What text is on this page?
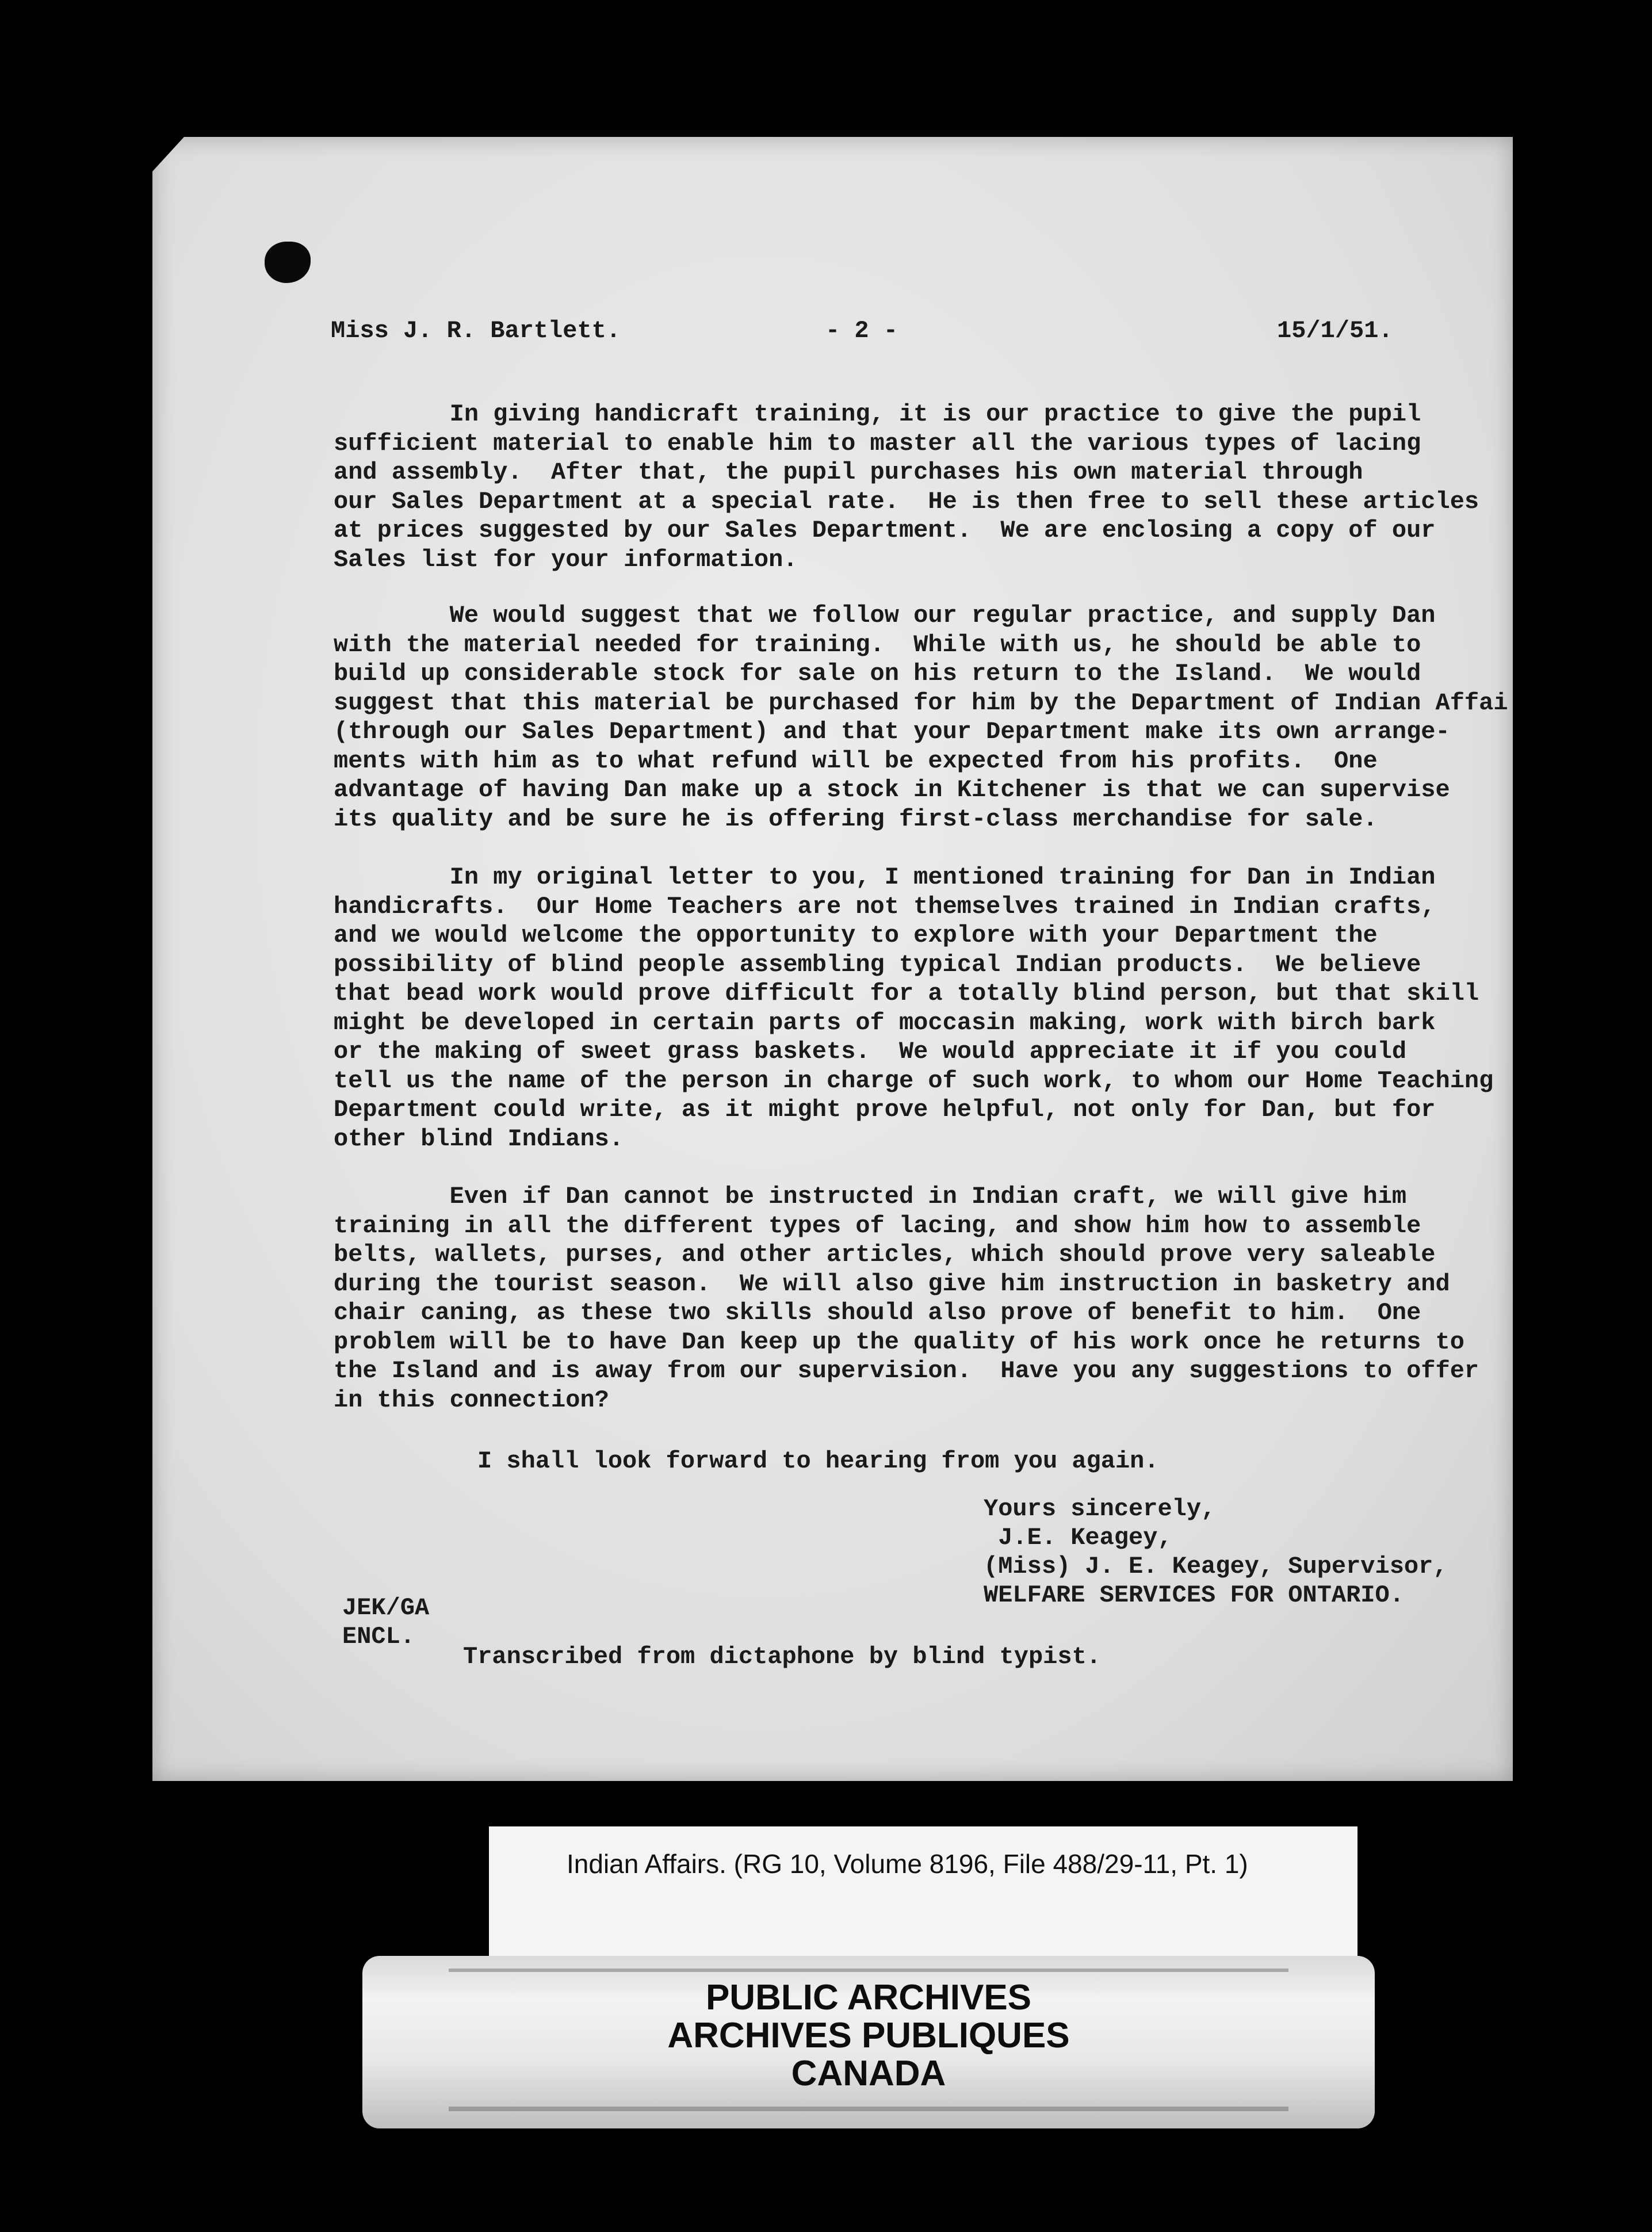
Miss J. R. Bartlett.	- 2 -	15/1/51.
In giving handicraft training, it is our practice to give the pupil
sufficient material to enable him to master all the various types of lacing
and assembly.  After that, the pupil purchases his own material through
our Sales Department at a special rate.  He is then free to sell these articles
at prices suggested by our Sales Department.  We are enclosing a copy of our
Sales list for your information.
We would suggest that we follow our regular practice, and supply Dan
with the material needed for training.  While with us, he should be able to
build up considerable stock for sale on his return to the Island.  We would
suggest that this material be purchased for him by the Department of Indian Affai
(through our Sales Department) and that your Department make its own arrange-
ments with him as to what refund will be expected from his profits.  One
advantage of having Dan make up a stock in Kitchener is that we can supervise
its quality and be sure he is offering first-class merchandise for sale.
In my original letter to you, I mentioned training for Dan in Indian
handicrafts.  Our Home Teachers are not themselves trained in Indian crafts,
and we would welcome the opportunity to explore with your Department the
possibility of blind people assembling typical Indian products.  We believe
that bead work would prove difficult for a totally blind person, but that skill
might be developed in certain parts of moccasin making, work with birch bark
or the making of sweet grass baskets.  We would appreciate it if you could
tell us the name of the person in charge of such work, to whom our Home Teaching
Department could write, as it might prove helpful, not only for Dan, but for
other blind Indians.
Even if Dan cannot be instructed in Indian craft, we will give him
training in all the different types of lacing, and show him how to assemble
belts, wallets, purses, and other articles, which should prove very saleable
during the tourist season.  We will also give him instruction in basketry and
chair caning, as these two skills should also prove of benefit to him.  One
problem will be to have Dan keep up the quality of his work once he returns to
the Island and is away from our supervision.  Have you any suggestions to offer
in this connection?
I shall look forward to hearing from you again.
Yours sincerely,
J.E. Keagey,
(Miss) J. E. Keagey, Supervisor,
WELFARE SERVICES FOR ONTARIO.
JEK/GA
ENCL.
Transcribed from dictaphone by blind typist.
Indian Affairs. (RG 10, Volume 8196, File 488/29-11, Pt. 1)
PUBLIC ARCHIVES
ARCHIVES PUBLIQUES
CANADA
